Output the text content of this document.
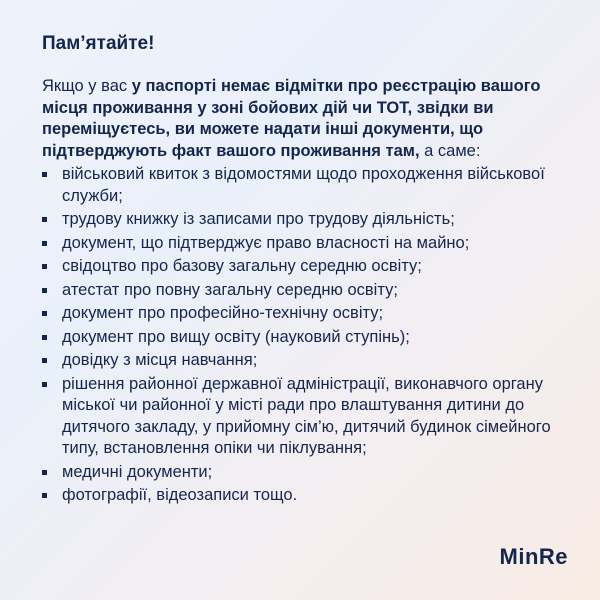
Пам’ятайте!

Якщо у вас у паспорті немає відмітки про реєстрацію вашого місця проживання у зоні бойових дій чи ТОТ, звідки ви переміщуєтесь, ви можете надати інші документи, що підтверджують факт вашого проживання там, а саме:

військовий квиток з відомостями щодо проходження військової служби;
трудову книжку із записами про трудову діяльність;
документ, що підтверджує право власності на майно;
свідоцтво про базову загальну середню освіту;
атестат про повну загальну середню освіту;
документ про професійно-технічну освіту;
документ про вищу освіту (науковий ступінь);
довідку з місця навчання;
рішення районної державної адміністрації, виконавчого органу міської чи районної у місті ради про влаштування дитини до дитячого закладу, у прийомну сім’ю, дитячий будинок сімейного типу, встановлення опіки чи піклування;
медичні документи;
фотографії, відеозаписи тощо.
MinRe
